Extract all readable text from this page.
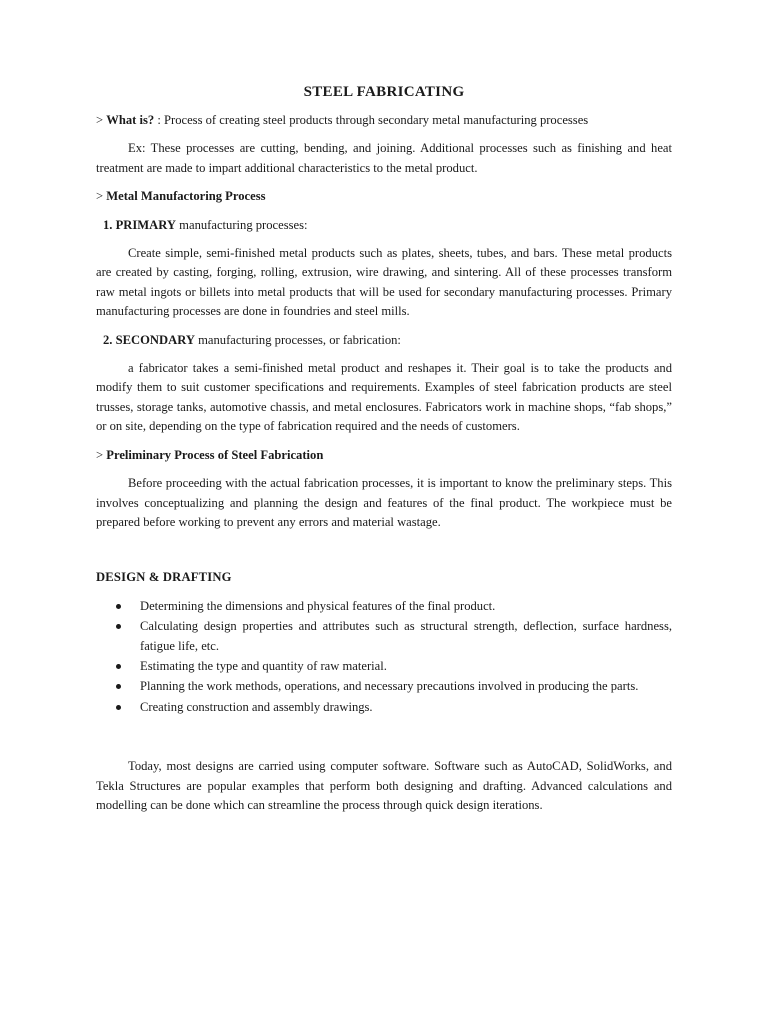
STEEL FABRICATING

> What is? : Process of creating steel products through secondary metal manufacturing processes

Ex: These processes are cutting, bending, and joining. Additional processes such as finishing and heat treatment are made to impart additional characteristics to the metal product.

> Metal Manufactoring Process

1. PRIMARY manufacturing processes:

Create simple, semi-finished metal products such as plates, sheets, tubes, and bars. These metal products are created by casting, forging, rolling, extrusion, wire drawing, and sintering. All of these processes transform raw metal ingots or billets into metal products that will be used for secondary manufacturing processes. Primary manufacturing processes are done in foundries and steel mills.

2. SECONDARY manufacturing processes, or fabrication:

a fabricator takes a semi-finished metal product and reshapes it. Their goal is to take the products and modify them to suit customer specifications and requirements. Examples of steel fabrication products are steel trusses, storage tanks, automotive chassis, and metal enclosures. Fabricators work in machine shops, “fab shops,” or on site, depending on the type of fabrication required and the needs of customers.

> Preliminary Process of Steel Fabrication

Before proceeding with the actual fabrication processes, it is important to know the preliminary steps. This involves conceptualizing and planning the design and features of the final product. The workpiece must be prepared before working to prevent any errors and material wastage.

DESIGN & DRAFTING
Determining the dimensions and physical features of the final product.
Calculating design properties and attributes such as structural strength, deflection, surface hardness, fatigue life, etc.
Estimating the type and quantity of raw material.
Planning the work methods, operations, and necessary precautions involved in producing the parts.
Creating construction and assembly drawings.

Today, most designs are carried using computer software. Software such as AutoCAD, SolidWorks, and Tekla Structures are popular examples that perform both designing and drafting. Advanced calculations and modelling can be done which can streamline the process through quick design iterations.
